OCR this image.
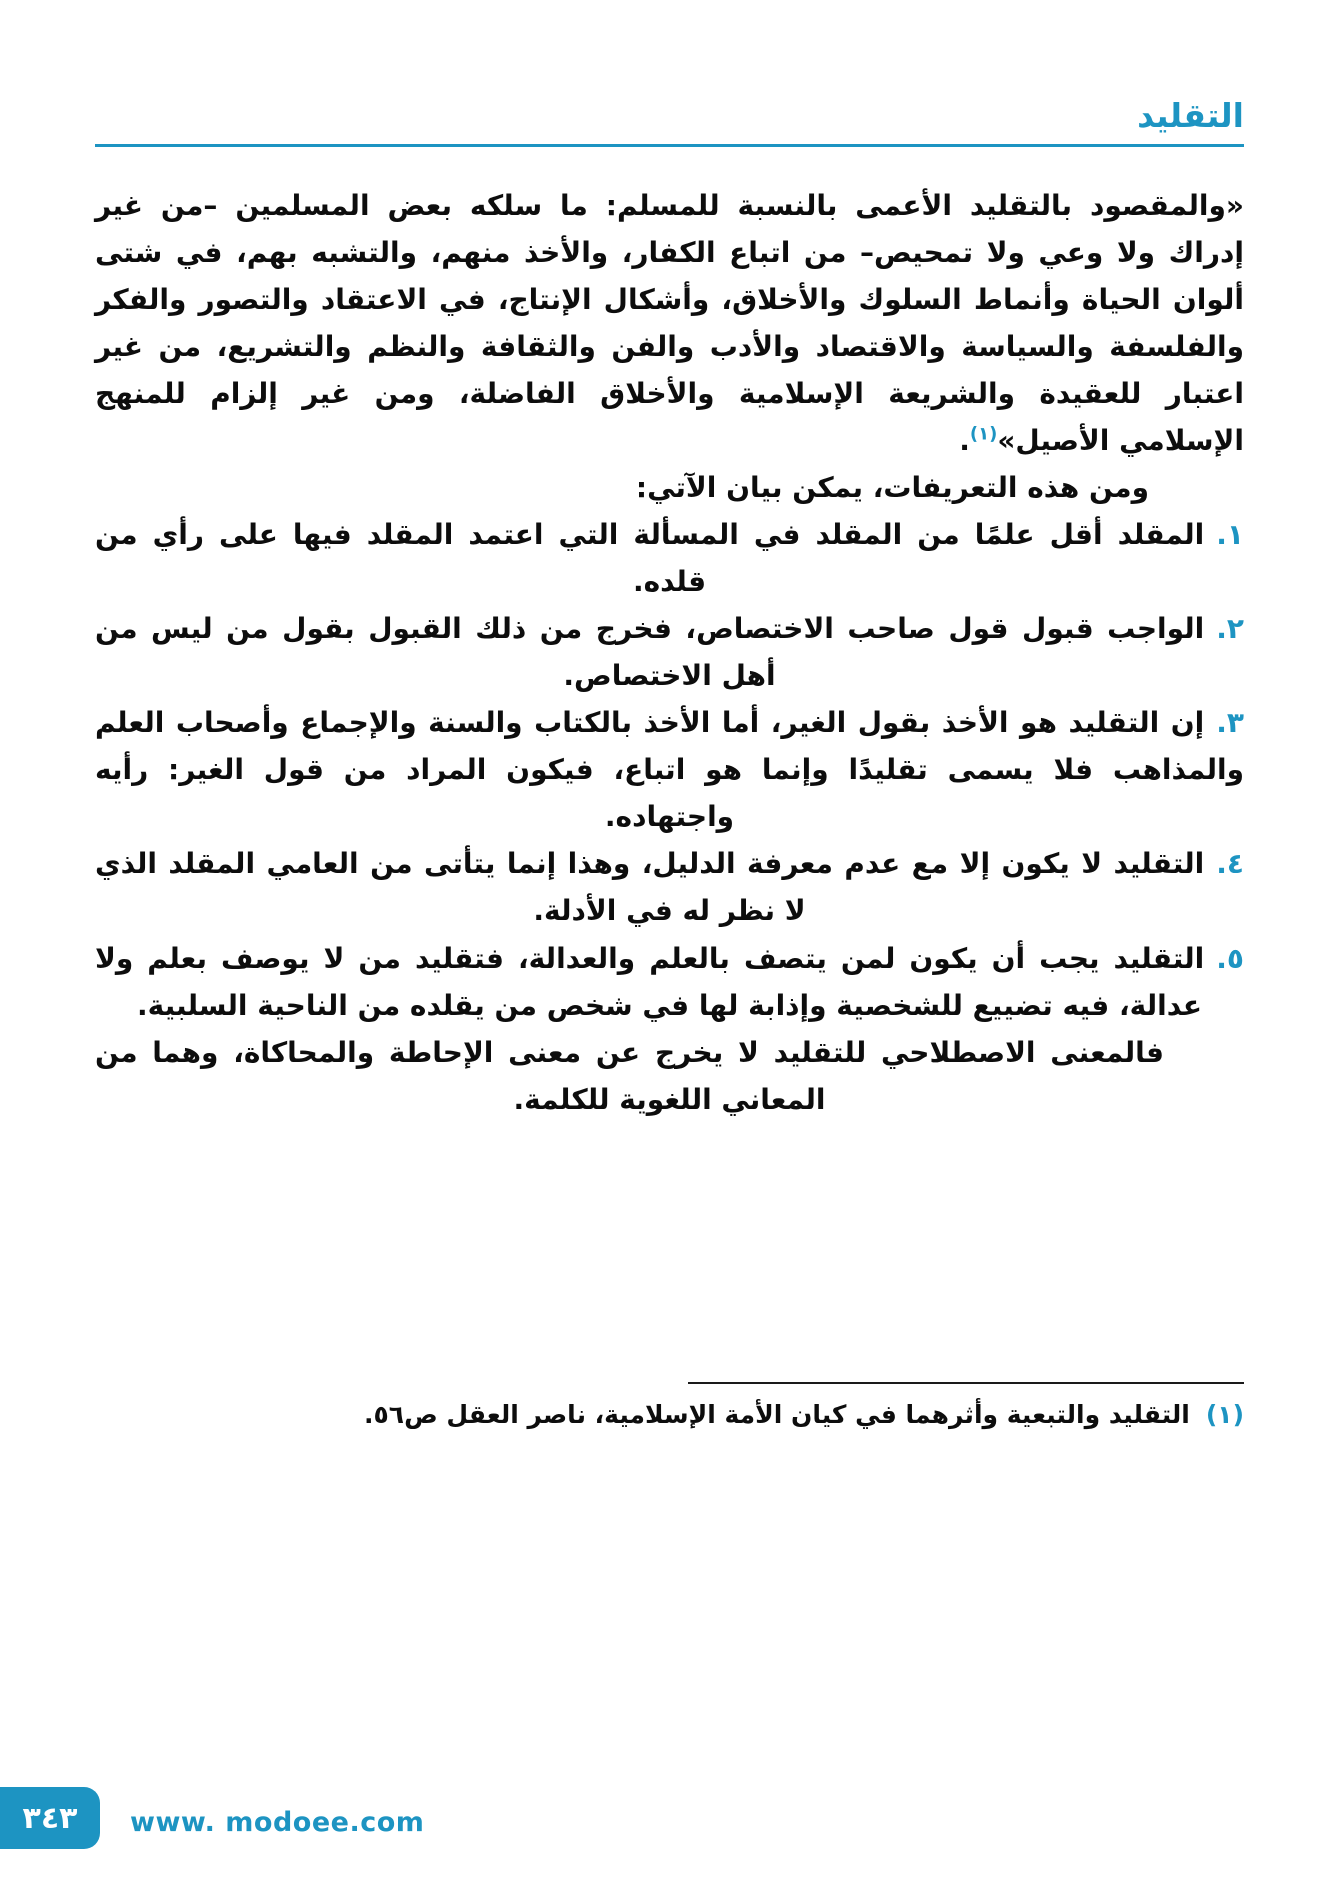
التقليد

«والمقصود بالتقليد الأعمى بالنسبة للمسلم: ما سلكه بعض المسلمين –من غير إدراك ولا وعي ولا تمحيص– من اتباع الكفار، والأخذ منهم، والتشبه بهم، في شتى ألوان الحياة وأنماط السلوك والأخلاق، وأشكال الإنتاج، في الاعتقاد والتصور والفكر والفلسفة والسياسة والاقتصاد والأدب والفن والثقافة والنظم والتشريع، من غير اعتبار للعقيدة والشريعة الإسلامية والأخلاق الفاضلة، ومن غير إلزام للمنهج الإسلامي الأصيل»$^{(١)}$.

ومن هذه التعريفات، يمكن بيان الآتي:

١.المقلد أقل علمًا من المقلد في المسألة التي اعتمد المقلد فيها على رأي من قلده.

٢.الواجب قبول قول صاحب الاختصاص، فخرج من ذلك القبول بقول من ليس من أهل الاختصاص.

٣.إن التقليد هو الأخذ بقول الغير، أما الأخذ بالكتاب والسنة والإجماع وأصحاب العلم والمذاهب فلا يسمى تقليدًا وإنما هو اتباع، فيكون المراد من قول الغير: رأيه واجتهاده.

٤.التقليد لا يكون إلا مع عدم معرفة الدليل، وهذا إنما يتأتى من العامي المقلد الذي لا نظر له في الأدلة.

٥.التقليد يجب أن يكون لمن يتصف بالعلم والعدالة، فتقليد من لا يوصف بعلم ولا عدالة، فيه تضييع للشخصية وإذابة لها في شخص من يقلده من الناحية السلبية.

فالمعنى الاصطلاحي للتقليد لا يخرج عن معنى الإحاطة والمحاكاة، وهما من المعاني اللغوية للكلمة.

(١)التقليد والتبعية وأثرهما في كيان الأمة الإسلامية، ناصر العقل ص٥٦.

٣٤٣ www. modoee.com
